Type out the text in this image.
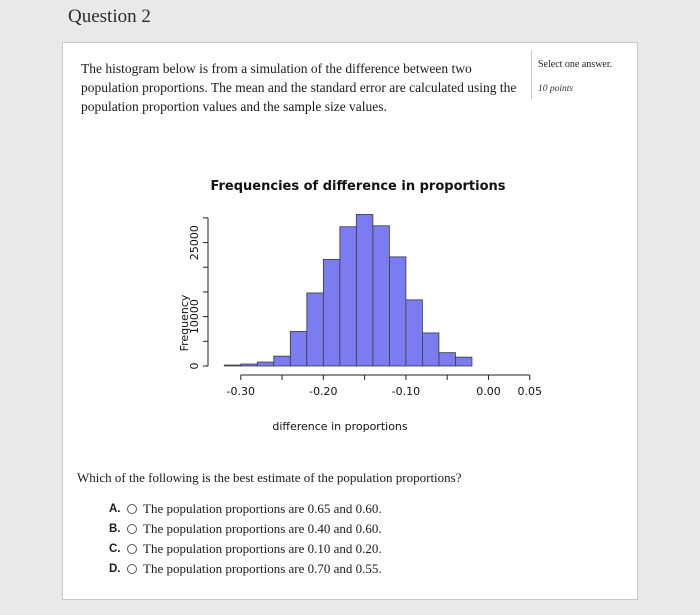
Question 2
The histogram below is from a simulation of the difference between two population proportions. The mean and the standard error are calculated using the population proportion values and the sample size values.
Select one answer.
10 points
Frequencies of difference in proportions
0
10000
25000
-0.30	-0.20	-0.10	0.00 0.05
Frequency
difference in proportions
Which of the following is the best estimate of the population proportions?
A.	The population proportions are 0.65 and 0.60.
B.	The population proportions are 0.40 and 0.60.
C.	The population proportions are 0.10 and 0.20.
D.	The population proportions are 0.70 and 0.55.
